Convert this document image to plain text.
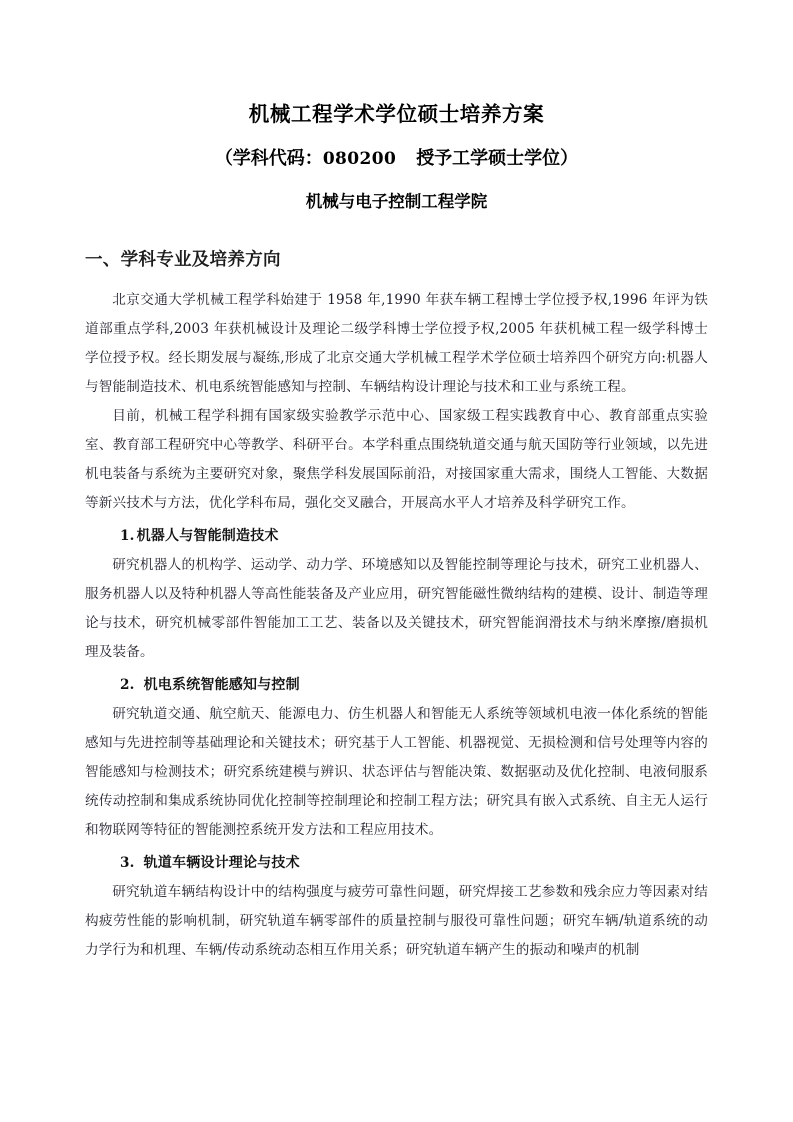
机械工程学术学位硕士培养方案
（学科代码：080200 授予工学硕士学位）
机械与电子控制工程学院
一、学科专业及培养方向

北京交通大学机械工程学科始建于 1958 年,1990 年获车辆工程博士学位授予权,1996 年评为铁道部重点学科,2003 年获机械设计及理论二级学科博士学位授予权,2005 年获机械工程一级学科博士学位授予权。经长期发展与凝练,形成了北京交通大学机械工程学术学位硕士培养四个研究方向:机器人与智能制造技术、机电系统智能感知与控制、车辆结构设计理论与技术和工业与系统工程。

目前，机械工程学科拥有国家级实验教学示范中心、国家级工程实践教育中心、教育部重点实验室、教育部工程研究中心等教学、科研平台。本学科重点围绕轨道交通与航天国防等行业领域，以先进机电装备与系统为主要研究对象，聚焦学科发展国际前沿，对接国家重大需求，围绕人工智能、大数据等新兴技术与方法，优化学科布局，强化交叉融合，开展高水平人才培养及科学研究工作。

1. 机器人与智能制造技术

研究机器人的机构学、运动学、动力学、环境感知以及智能控制等理论与技术，研究工业机器人、服务机器人以及特种机器人等高性能装备及产业应用，研究智能磁性微纳结构的建模、设计、制造等理论与技术，研究机械零部件智能加工工艺、装备以及关键技术，研究智能润滑技术与纳米摩擦/磨损机理及装备。

2. 机电系统智能感知与控制

研究轨道交通、航空航天、能源电力、仿生机器人和智能无人系统等领域机电液一体化系统的智能感知与先进控制等基础理论和关键技术；研究基于人工智能、机器视觉、无损检测和信号处理等内容的智能感知与检测技术；研究系统建模与辨识、状态评估与智能决策、数据驱动及优化控制、电液伺服系统传动控制和集成系统协同优化控制等控制理论和控制工程方法；研究具有嵌入式系统、自主无人运行和物联网等特征的智能测控系统开发方法和工程应用技术。

3. 轨道车辆设计理论与技术

研究轨道车辆结构设计中的结构强度与疲劳可靠性问题，研究焊接工艺参数和残余应力等因素对结构疲劳性能的影响机制，研究轨道车辆零部件的质量控制与服役可靠性问题；研究车辆/轨道系统的动力学行为和机理、车辆/传动系统动态相互作用关系；研究轨道车辆产生的振动和噪声的机制
